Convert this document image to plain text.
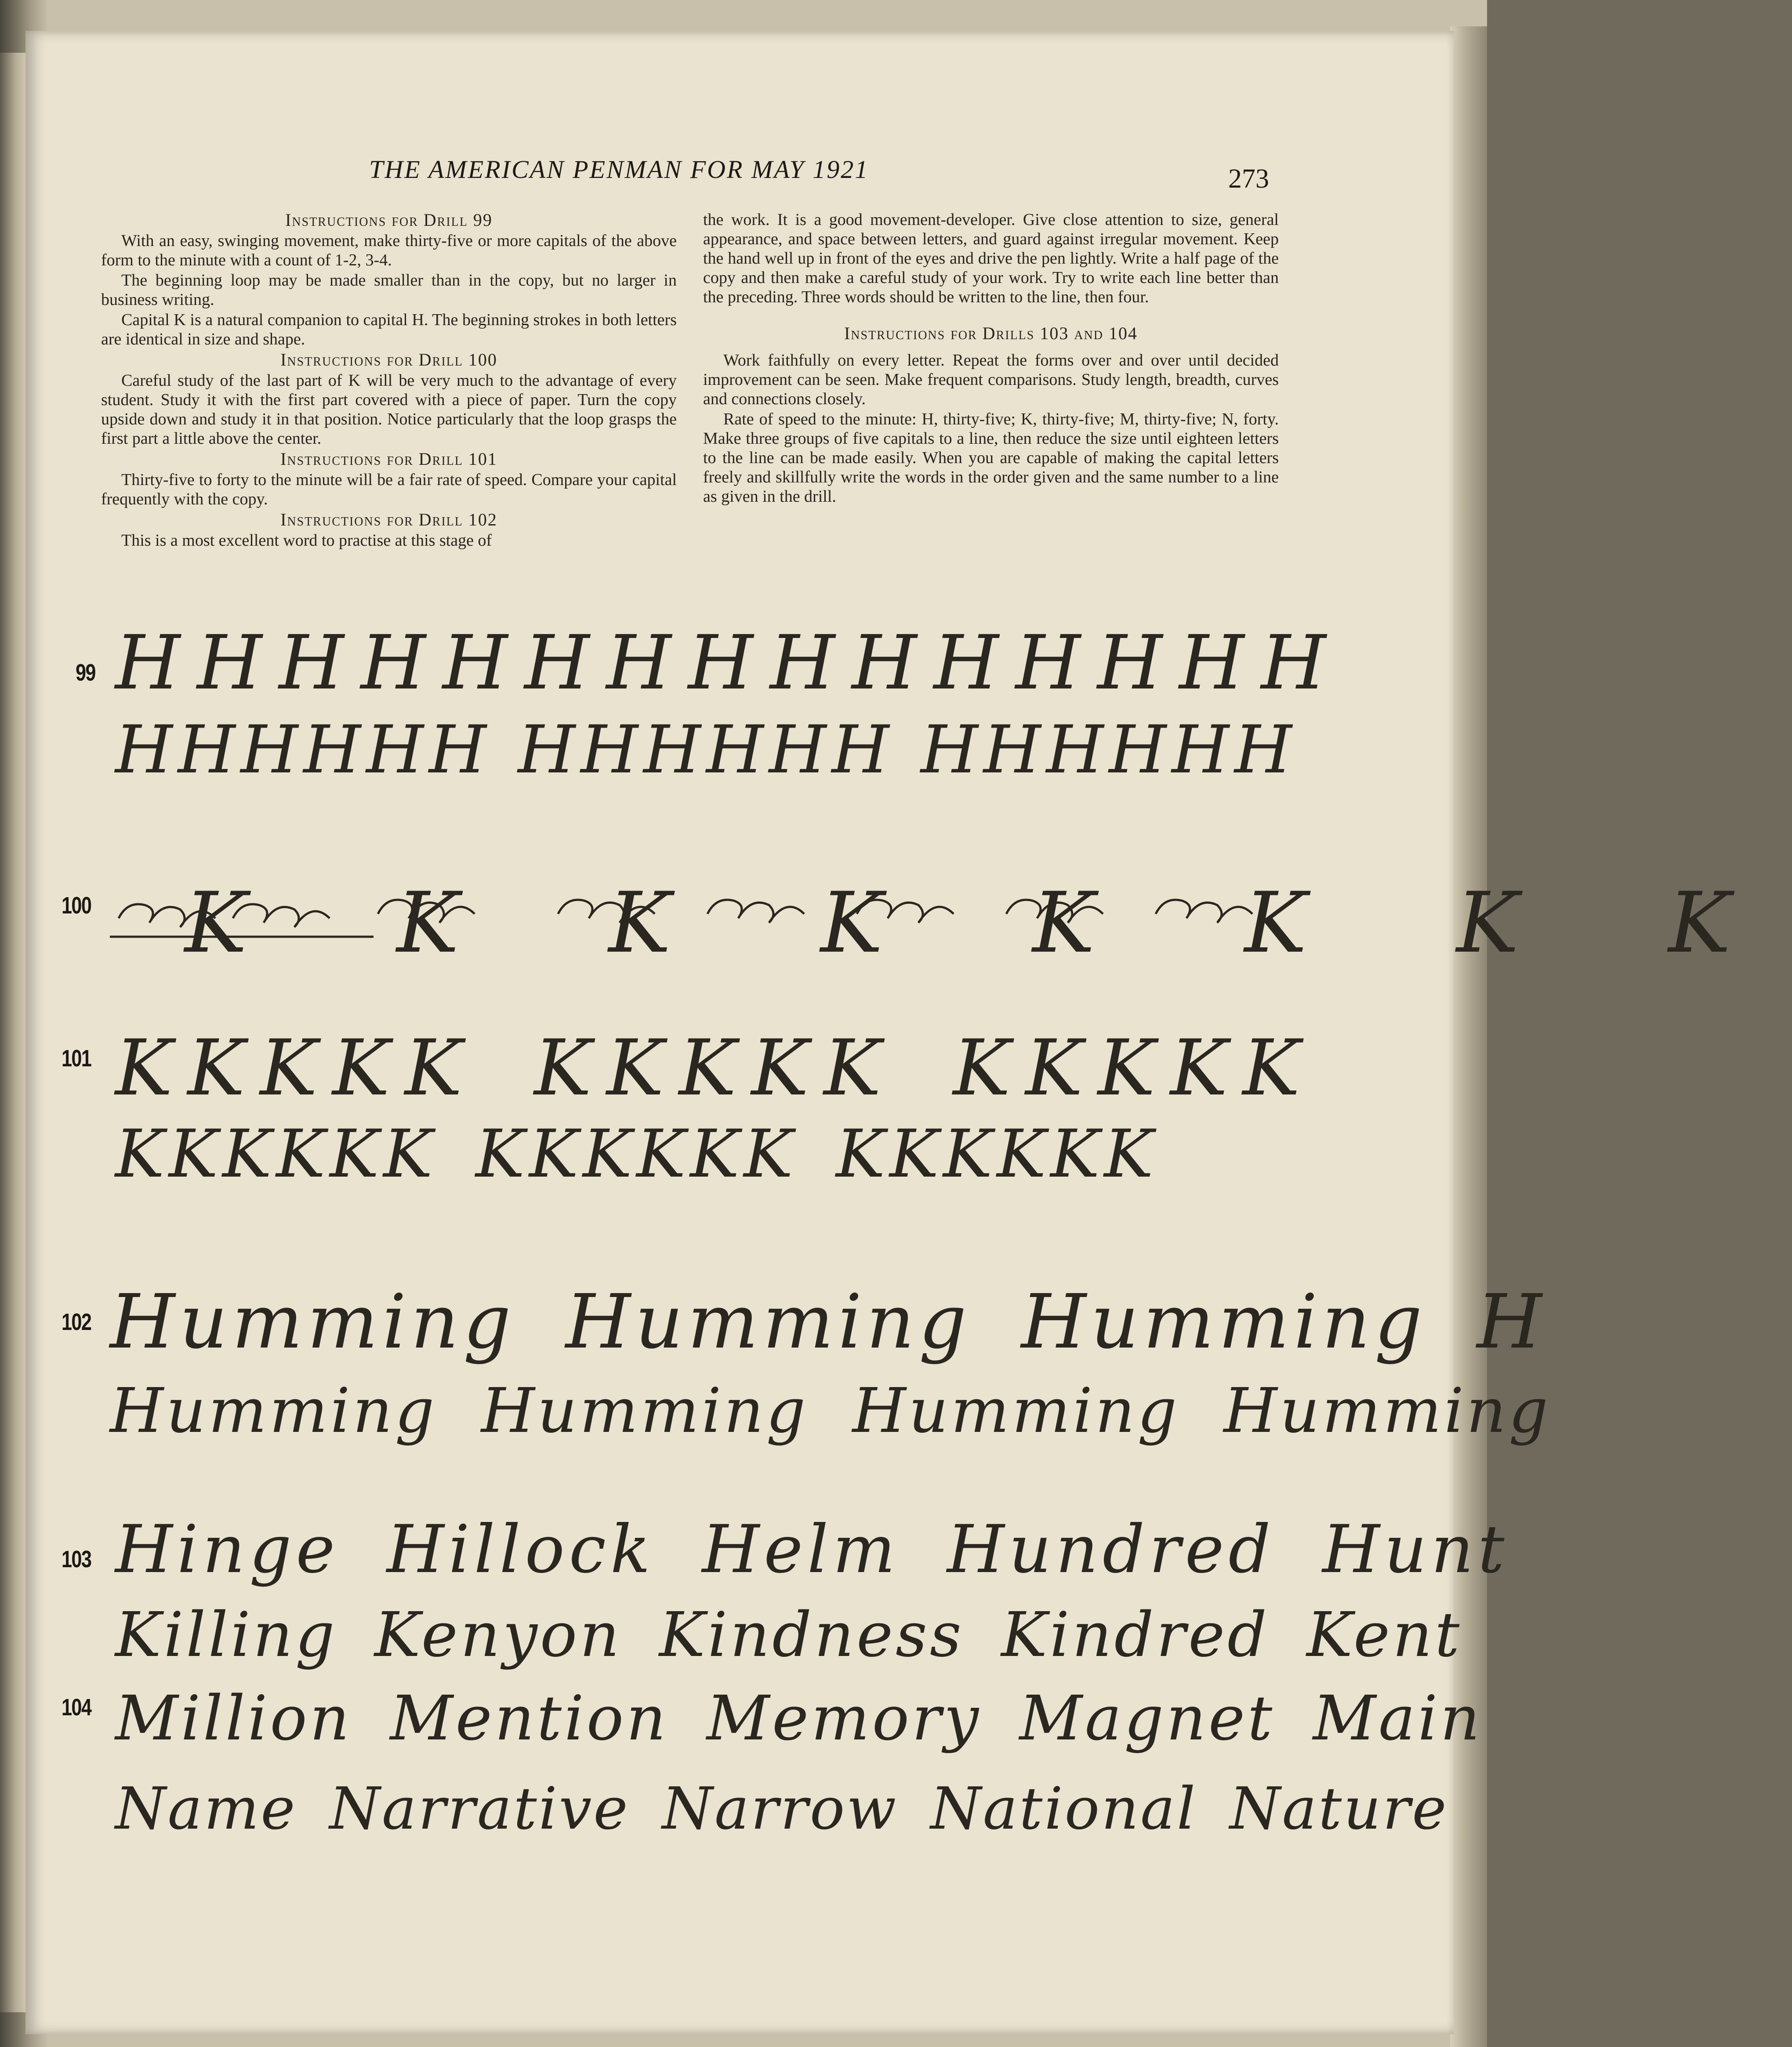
THE AMERICAN PENMAN FOR MAY 1921	273

Instructions for Drill 99

With an easy, swinging movement, make thirty-five or more capitals of the above form to the minute with a count of 1-2, 3-4.

The beginning loop may be made smaller than in the copy, but no larger in business writing.

Capital K is a natural companion to capital H. The beginning strokes in both letters are identical in size and shape.

Instructions for Drill 100

Careful study of the last part of K will be very much to the advantage of every student. Study it with the first part covered with a piece of paper. Turn the copy upside down and study it in that position. Notice particularly that the loop grasps the first part a little above the center.

Instructions for Drill 101

Thirty-five to forty to the minute will be a fair rate of speed. Compare your capital frequently with the copy.

Instructions for Drill 102

This is a most excellent word to practise at this stage of

the work. It is a good movement-developer. Give close attention to size, general appearance, and space between letters, and guard against irregular movement. Keep the hand well up in front of the eyes and drive the pen lightly. Write a half page of the copy and then make a careful study of your work. Try to write each line better than the preceding. Three words should be written to the line, then four.

Instructions for Drills 103 and 104

Work faithfully on every letter. Repeat the forms over and over until decided improvement can be seen. Make frequent comparisons. Study length, breadth, curves and connections closely.

Rate of speed to the minute: H, thirty-five; K, thirty-five; M, thirty-five; N, forty. Make three groups of five capitals to a line, then reduce the size until eighteen letters to the line can be made easily. When you are capable of making the capital letters freely and skillfully write the words in the order given and the same number to a line as given in the drill.

99 HHHHHHHHHHHHHHH
HHHHHH HHHHHH HHHHHH
100 K K K K K K K K
101 KKKKK KKKKK KKKKK
KKKKKK KKKKKK KKKKKK
102 Humming Humming Humming H
Humming Humming Humming Humming
103 Hinge Hillock Helm Hundred Hunt
Killing Kenyon Kindness Kindred Kent
104 Million Mention Memory Magnet Main
Name Narrative Narrow National Nature
